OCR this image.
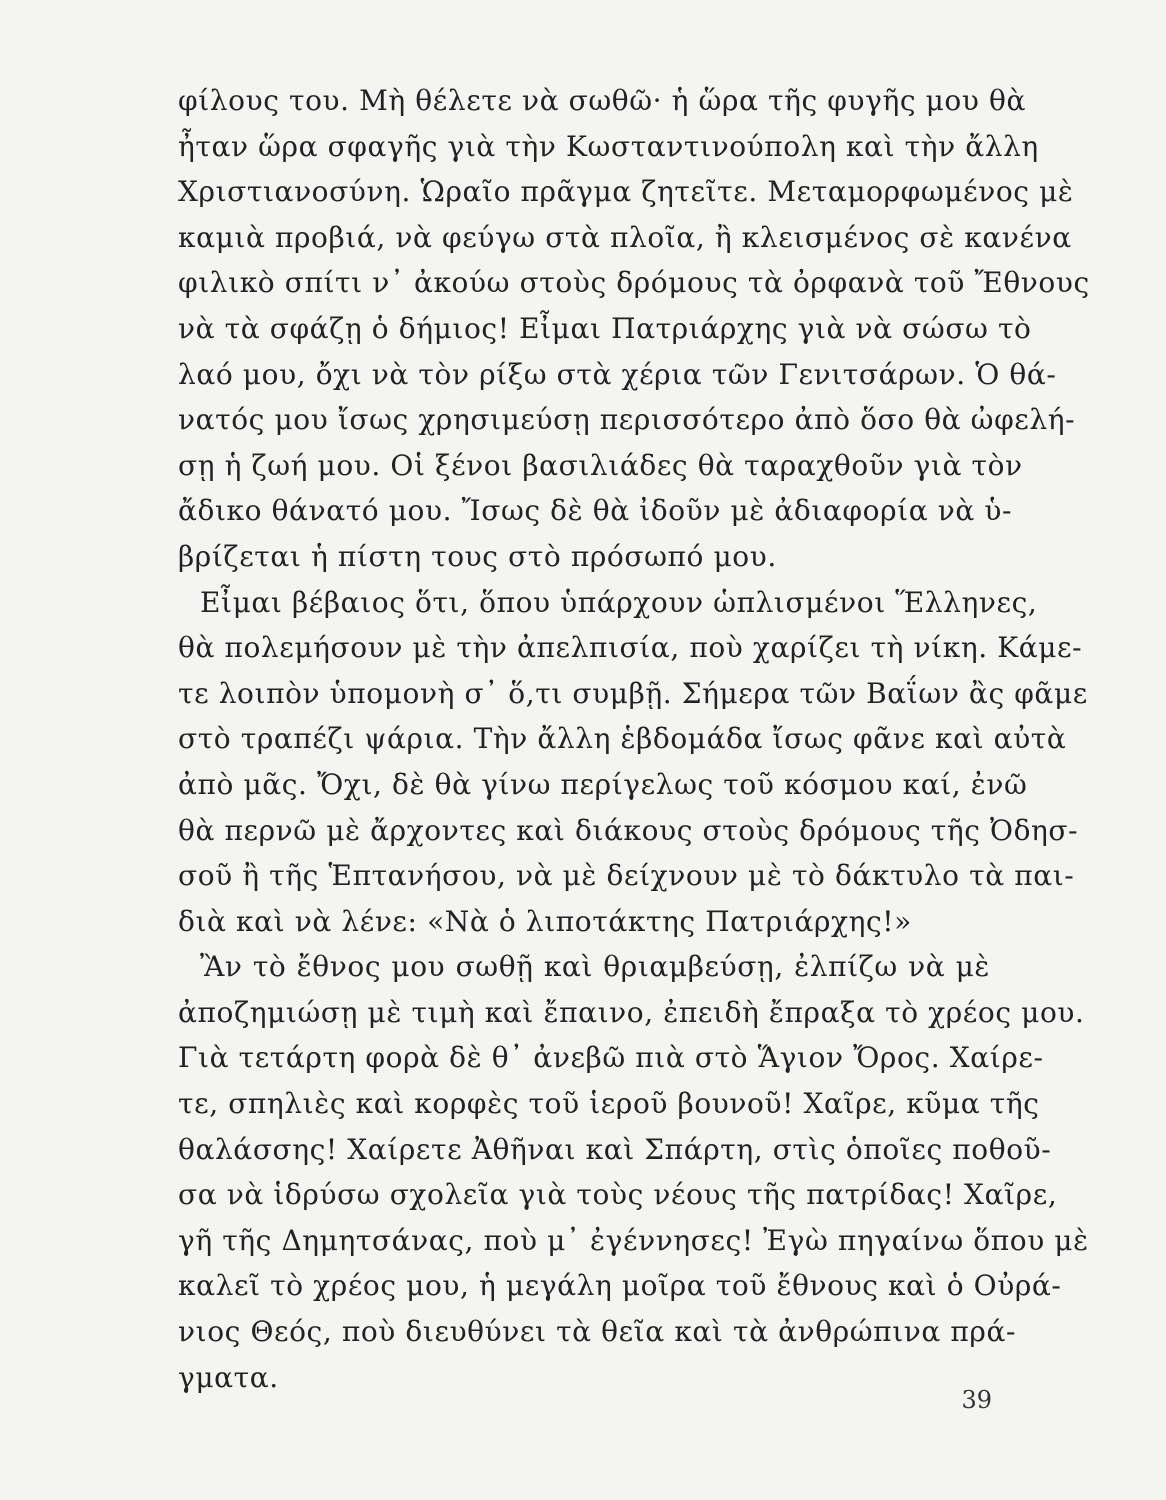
φίλους του. Μὴ θέλετε νὰ σωθῶ· ἡ ὥρα τῆς φυγῆς μου θὰ
ἦταν ὥρα σφαγῆς γιὰ τὴν Κωσταντινούπολη καὶ τὴν ἄλλη
Χριστιανοσύνη. Ὡραῖο πρᾶγμα ζητεῖτε. Μεταμορφωμένος μὲ
καμιὰ προβιά, νὰ φεύγω στὰ πλοῖα, ἢ κλεισμένος σὲ κανένα
φιλικὸ σπίτι ν᾿ ἀκούω στοὺς δρόμους τὰ ὀρφανὰ τοῦ Ἔθνους
νὰ τὰ σφάζῃ ὁ δήμιος! Εἶμαι Πατριάρχης γιὰ νὰ σώσω τὸ
λαό μου, ὄχι νὰ τὸν ρίξω στὰ χέρια τῶν Γενιτσάρων. Ὁ θά-
νατός μου ἴσως χρησιμεύσῃ περισσότερο ἀπὸ ὅσο θὰ ὠφελή-
σῃ ἡ ζωή μου. Οἱ ξένοι βασιλιάδες θὰ ταραχθοῦν γιὰ τὸν
ἄδικο θάνατό μου. Ἴσως δὲ θὰ ἰδοῦν μὲ ἀδιαφορία νὰ ὑ-
βρίζεται ἡ πίστη τους στὸ πρόσωπό μου.
Εἶμαι βέβαιος ὅτι, ὅπου ὑπάρχουν ὡπλισμένοι Ἕλληνες,
θὰ πολεμήσουν μὲ τὴν ἀπελπισία, ποὺ χαρίζει τὴ νίκη. Κάμε-
τε λοιπὸν ὑπομονὴ σ᾿ ὅ,τι συμβῇ. Σήμερα τῶν Βαΐων ἂς φᾶμε
στὸ τραπέζι ψάρια. Τὴν ἄλλη ἑβδομάδα ἴσως φᾶνε καὶ αὐτὰ
ἀπὸ μᾶς. Ὄχι, δὲ θὰ γίνω περίγελως τοῦ κόσμου καί, ἐνῶ
θὰ περνῶ μὲ ἄρχοντες καὶ διάκους στοὺς δρόμους τῆς Ὀδησ-
σοῦ ἢ τῆς Ἑπτανήσου, νὰ μὲ δείχνουν μὲ τὸ δάκτυλο τὰ παι-
διὰ καὶ νὰ λένε: «Νὰ ὁ λιποτάκτης Πατριάρχης!»
Ἂν τὸ ἔθνος μου σωθῇ καὶ θριαμβεύσῃ, ἐλπίζω νὰ μὲ
ἀποζημιώσῃ μὲ τιμὴ καὶ ἔπαινο, ἐπειδὴ ἔπραξα τὸ χρέος μου.
Γιὰ τετάρτη φορὰ δὲ θ᾿ ἀνεβῶ πιὰ στὸ Ἅγιον Ὄρος. Χαίρε-
τε, σπηλιὲς καὶ κορφὲς τοῦ ἱεροῦ βουνοῦ! Χαῖρε, κῦμα τῆς
θαλάσσης! Χαίρετε Ἀθῆναι καὶ Σπάρτη, στὶς ὁποῖες ποθοῦ-
σα νὰ ἱδρύσω σχολεῖα γιὰ τοὺς νέους τῆς πατρίδας! Χαῖρε,
γῆ τῆς Δημητσάνας, ποὺ μ᾿ ἐγέννησες! Ἐγὼ πηγαίνω ὅπου μὲ
καλεῖ τὸ χρέος μου, ἡ μεγάλη μοῖρα τοῦ ἔθνους καὶ ὁ Οὐρά-
νιος Θεός, ποὺ διευθύνει τὰ θεῖα καὶ τὰ ἀνθρώπινα πρά-
γματα.
39
